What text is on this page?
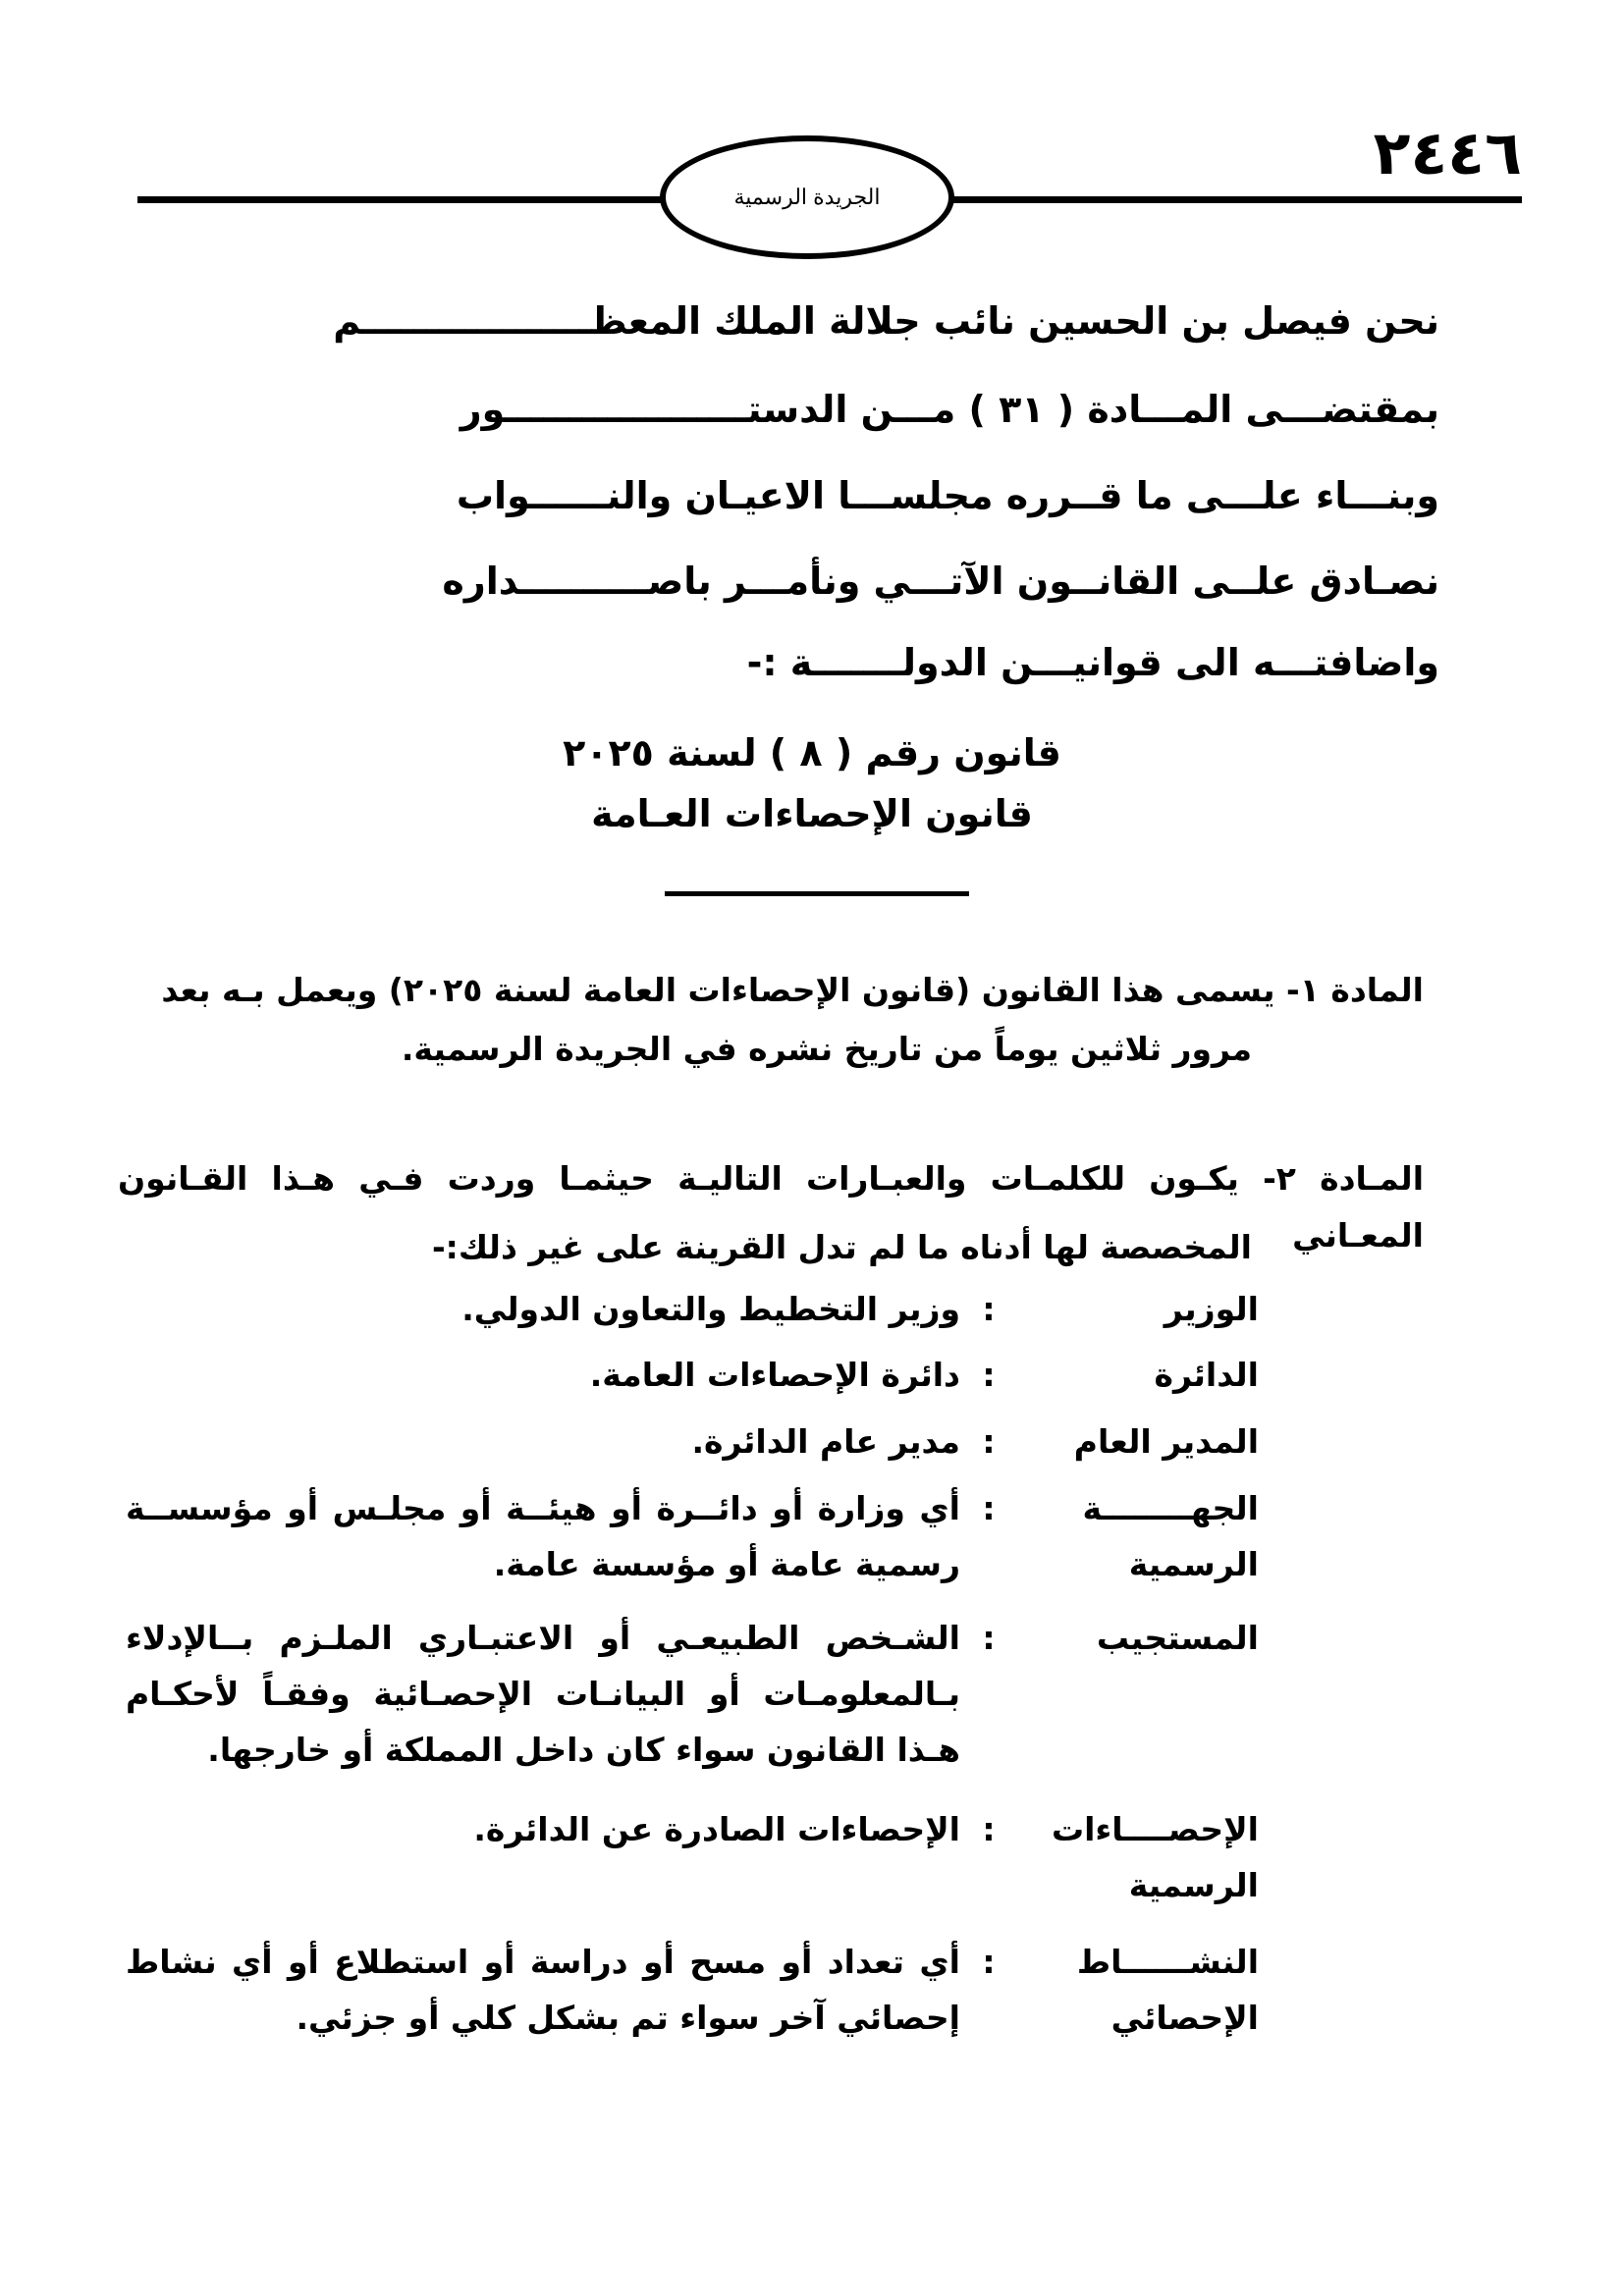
٢٤٤٦
الجريدة الرسمية
نحن فيصل بن الحسين نائب جلالة الملك المعظــــــــــــــــــم
بمقتضـــى المـــادة ( ٣١ ) مـــن الدستـــــــــــــــــــور
وبنـــاء علـــى ما قــرره مجلســـا الاعيـان والنــــــواب
نصـادق علــى القانــون الآتـــي ونأمـــر باصــــــــــداره
واضافتـــه الى قوانيـــن الدولـــــــة :-
قانون رقم ( ٨ ) لسنة ٢٠٢٥
قانون الإحصاءات العـامة
المادة ١- يسمى هذا القانون (قانون الإحصاءات العامة لسنة ٢٠٢٥) ويعمل بـه بعد
مرور ثلاثين يوماً من تاريخ نشره في الجريدة الرسمية.
المـادة ٢- يكـون للكلمـات والعبـارات التاليـة حيثمـا وردت فـي هـذا القـانون المعـاني
المخصصة لها أدناه ما لم تدل القرينة على غير ذلك:-
الوزير
:
وزير التخطيط والتعاون الدولي.
الدائرة
:
دائرة الإحصاءات العامة.
المدير العام
:
مدير عام الدائرة.
الجهــــــــة الرسمية
:
أي وزارة أو دائــرة أو هيئــة أو مجلـس أو مؤسســة رسمية عامة أو مؤسسة عامة.
المستجيب
:
الشـخص الطبيعـي أو الاعتبـاري الملـزم بــالإدلاء بـالمعلومـات أو البيانـات الإحصـائية وفقـاً لأحكـام هـذا القانون سواء كان داخل المملكة أو خارجها.
الإحصــــاءات الرسمية
:
الإحصاءات الصادرة عن الدائرة.
النشــــــاط الإحصائي
:
أي تعداد أو مسح أو دراسة أو استطلاع أو أي نشاط إحصائي آخر سواء تم بشكل كلي أو جزئي.
